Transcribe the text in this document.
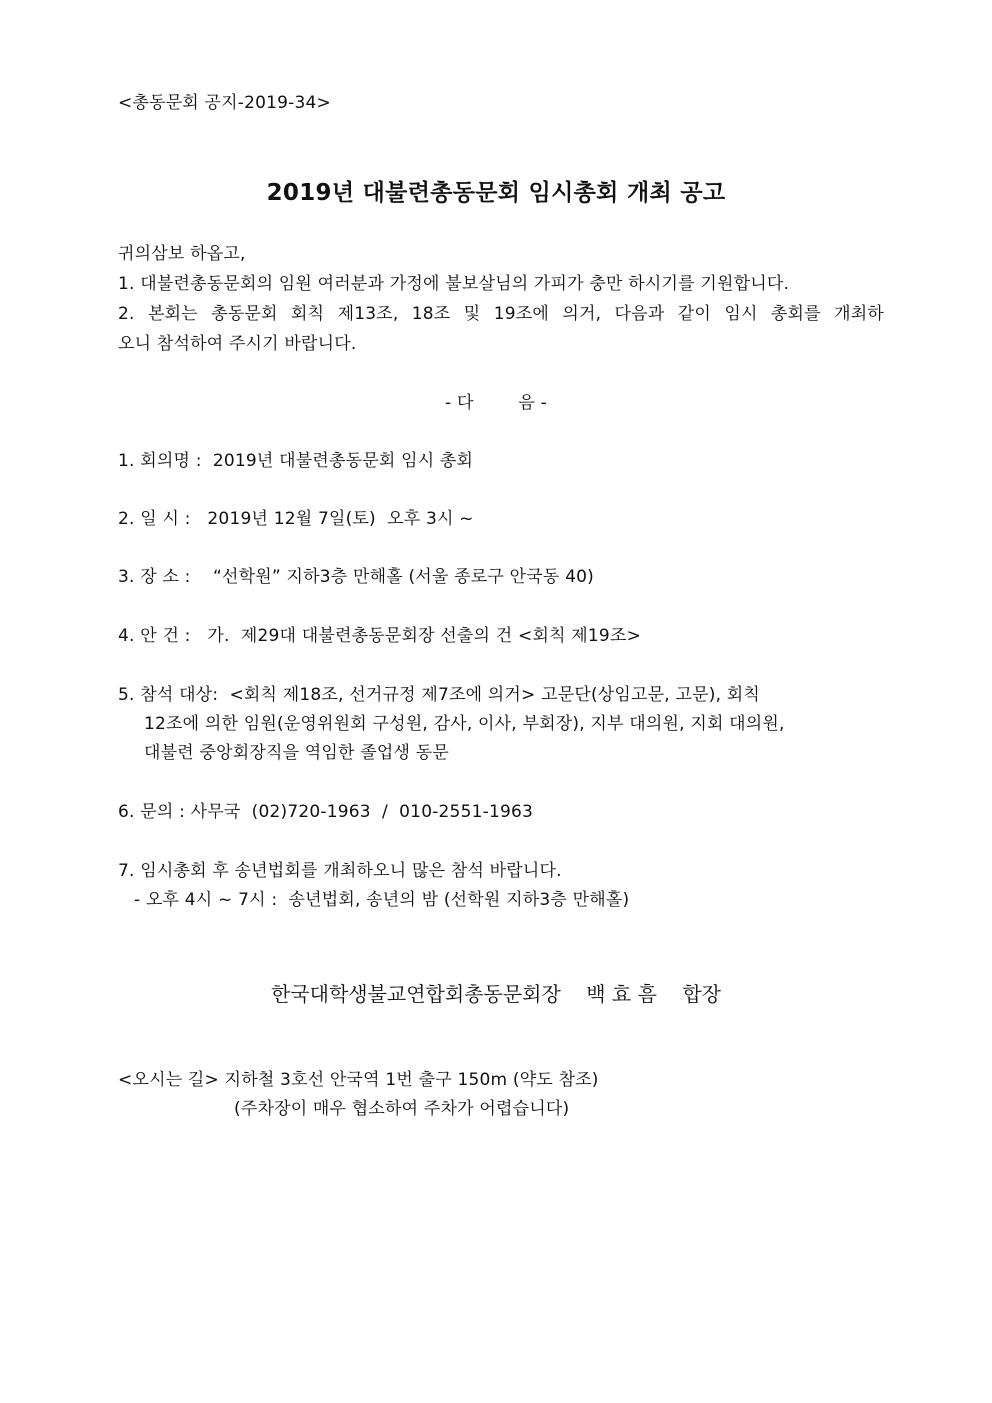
<총동문회 공지-2019-34>
2019년 대불련총동문회 임시총회 개최 공고
귀의삼보 하옵고,
1. 대불련총동문회의 임원 여러분과 가정에 불보살님의 가피가 충만 하시기를 기원합니다.
2. 본회는 총동문회 회칙 제13조, 18조 및 19조에 의거, 다음과 같이 임시 총회를 개최하
오니 참석하여 주시기 바랍니다.
- 다        음 -
1. 회의명 :  2019년 대불련총동문회 임시 총회
2. 일 시 :   2019년 12월 7일(토)  오후 3시 ~
3. 장 소 :    “선학원” 지하3층 만해홀 (서울 종로구 안국동 40)
4. 안 건 :   가.  제29대 대불련총동문회장 선출의 건 <회칙 제19조>
5. 참석 대상:  <회칙 제18조, 선거규정 제7조에 의거> 고문단(상임고문, 고문), 회칙
12조에 의한 임원(운영위원회 구성원, 감사, 이사, 부회장), 지부 대의원, 지회 대의원,
대불련 중앙회장직을 역임한 졸업생 동문
6. 문의 : 사무국  (02)720-1963  /  010-2551-1963
7. 임시총회 후 송년법회를 개최하오니 많은 참석 바랍니다.
- 오후 4시 ~ 7시 :  송년법회, 송년의 밤 (선학원 지하3층 만해홀)
한국대학생불교연합회총동문회장    백 효 흠    합장
<오시는 길> 지하철 3호선 안국역 1번 출구 150m (약도 참조)
(주차장이 매우 협소하여 주차가 어렵습니다)
